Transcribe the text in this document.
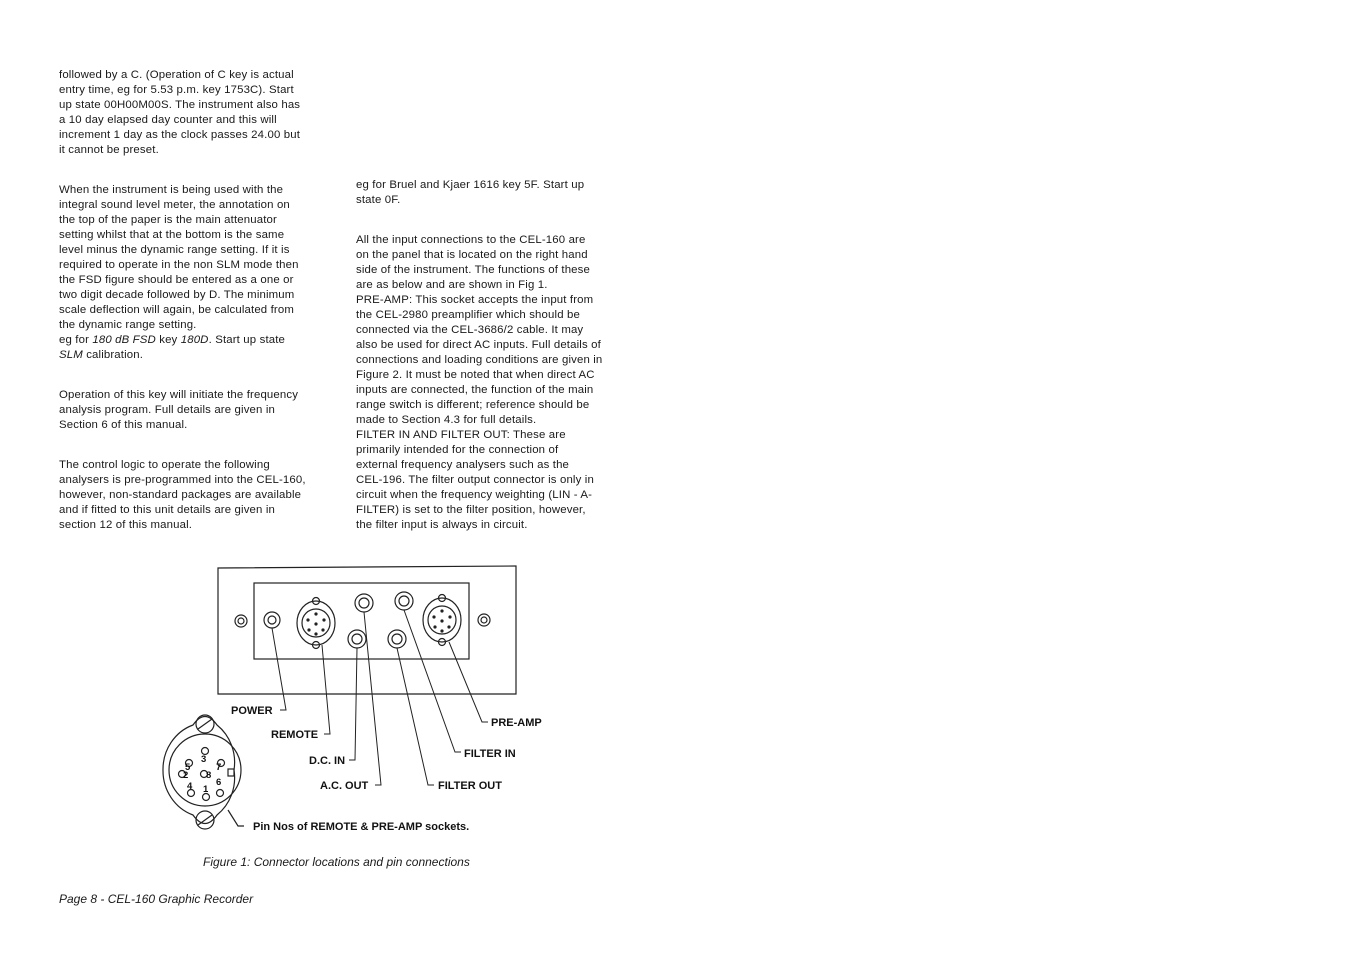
followed by a C. (Operation of C key is actual
entry time, eg for 5.53 p.m. key 1753C). Start
up state 00H00M00S. The instrument also has
a 10 day elapsed day counter and this will
increment 1 day as the clock passes 24.00 but
it cannot be preset.

When the instrument is being used with the
integral sound level meter, the annotation on
the top of the paper is the main attenuator
setting whilst that at the bottom is the same
level minus the dynamic range setting. If it is
required to operate in the non SLM mode then
the FSD figure should be entered as a one or
two digit decade followed by D. The minimum
scale deflection will again, be calculated from
the dynamic range setting.

eg for 180 dB FSD key 180D. Start up state
SLM calibration.

Operation of this key will initiate the frequency
analysis program. Full details are given in
Section 6 of this manual.

The control logic to operate the following
analysers is pre-programmed into the CEL-160,
however, non-standard packages are available
and if fitted to this unit details are given in
section 12 of this manual.

eg for Bruel and Kjaer 1616 key 5F. Start up
state 0F.

All the input connections to the CEL-160 are
on the panel that is located on the right hand
side of the instrument. The functions of these
are as below and are shown in Fig 1.
PRE-AMP: This socket accepts the input from
the CEL-2980 preamplifier which should be
connected via the CEL-3686/2 cable. It may
also be used for direct AC inputs. Full details of
connections and loading conditions are given in
Figure 2. It must be noted that when direct AC
inputs are connected, the function of the main
range switch is different; reference should be
made to Section 4.3 for full details.
FILTER IN AND FILTER OUT: These are
primarily intended for the connection of
external frequency analysers such as the
CEL-196. The filter output connector is only in
circuit when the frequency weighting (LIN - A-
FILTER) is set to the filter position, however,
the filter input is always in circuit.

3
5	7
2 8
6
4 1
POWER
REMOTE
D.C. IN
A.C. OUT
PRE-AMP
FILTER IN
FILTER OUT
Pin Nos of REMOTE & PRE-AMP sockets.
Figure 1: Connector locations and pin connections
Page 8 - CEL-160 Graphic Recorder
